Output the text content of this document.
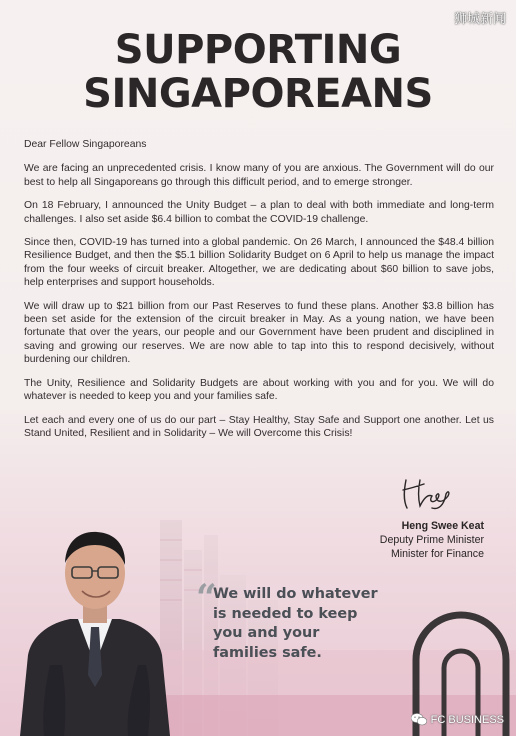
狮城新闻
SUPPORTING
SINGAPOREANS

Dear Fellow Singaporeans

We are facing an unprecedented crisis. I know many of you are anxious. The Government will do our best to help all Singaporeans go through this difficult period, and to emerge stronger.

On 18 February, I announced the Unity Budget – a plan to deal with both immediate and long-term challenges. I also set aside $6.4 billion to combat the COVID-19 challenge.

Since then, COVID-19 has turned into a global pandemic. On 26 March, I announced the $48.4 billion Resilience Budget, and then the $5.1 billion Solidarity Budget on 6 April to help us manage the impact from the four weeks of circuit breaker. Altogether, we are dedicating about $60 billion to save jobs, help enterprises and support households.

We will draw up to $21 billion from our Past Reserves to fund these plans. Another $3.8 billion has been set aside for the extension of the circuit breaker in May. As a young nation, we have been fortunate that over the years, our people and our Government have been prudent and disciplined in saving and growing our reserves. We are now able to tap into this to respond decisively, without burdening our children.

The Unity, Resilience and Solidarity Budgets are about working with you and for you. We will do whatever is needed to keep you and your families safe.

Let each and every one of us do our part – Stay Healthy, Stay Safe and Support one another. Let us Stand United, Resilient and in Solidarity – We will Overcome this Crisis!

Heng Swee Keat
Deputy Prime Minister
Minister for Finance
“
We will do whatever
is needed to keep
you and your
families safe.
FC BUSINESS
